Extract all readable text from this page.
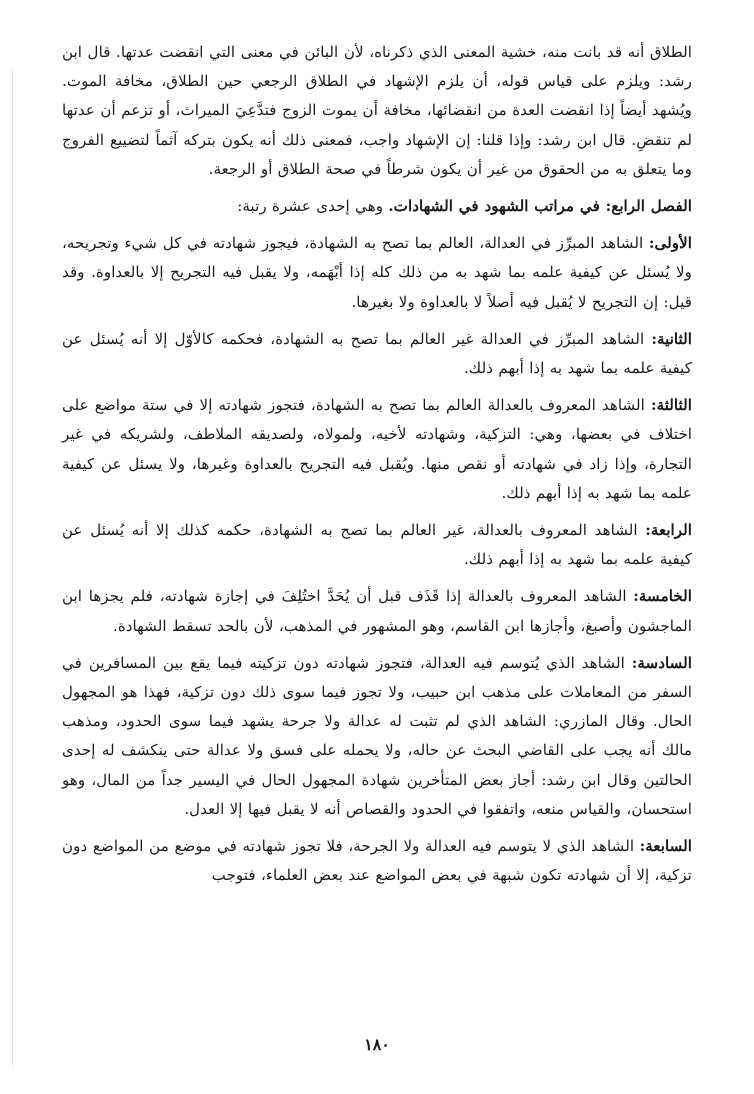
الطلاق أنه قد بانت منه، خشية المعنى الذي ذكرناه، لأن البائن في معنى التي انقضت عدتها. قال ابن رشد: ويلزم على قياس قوله، أن يلزم الإشهاد في الطلاق الرجعي حين الطلاق، مخافة الموت. ويُشهد أيضاً إذا انقضت العدة من انقضائها، مخافة أن يموت الزوج فتدَّعِيَ الميراث، أو تزعم أن عدتها لم تنقضِ. قال ابن رشد: وإذا قلنا: إن الإشهاد واجب، فمعنى ذلك أنه يكون بتركه آثماً لتضييع الفروج وما يتعلق به من الحقوق من غير أن يكون شرطاً في صحة الطلاق أو الرجعة.

الفصل الرابع: في مراتب الشهود في الشهادات. وهي إحدى عشرة رتبة:

الأولى: الشاهد المبرِّز في العدالة، العالم بما تصح به الشهادة، فيجوز شهادته في كل شيء وتجريحه، ولا يُسئل عن كيفية علمه بما شهد به من ذلك كله إذا أبْهَمه، ولا يقبل فيه التجريح إلا بالعداوة. وقد قيل: إن التجريح لا يُقبل فيه أصلاً لا بالعداوة ولا بغيرها.

الثانية: الشاهد المبرِّز في العدالة غير العالم بما تصح به الشهادة، فحكمه كالأوّل إلا أنه يُسئل عن كيفية علمه بما شهد به إذا أبهم ذلك.

الثالثة: الشاهد المعروف بالعدالة العالم بما تصح به الشهادة، فتجوز شهادته إلا في ستة مواضع على اختلاف في بعضها، وهي: التزكية، وشهادته لأخيه، ولمولاه، ولصديقه الملاطف، ولشريكه في غير التجارة، وإذا زاد في شهادته أو نقص منها. ويُقبل فيه التجريح بالعداوة وغيرها، ولا يسئل عن كيفية علمه بما شهد به إذا أبهم ذلك.

الرابعة: الشاهد المعروف بالعدالة، غير العالم بما تصح به الشهادة، حكمه كذلك إلا أنه يُسئل عن كيفية علمه بما شهد به إذا أبهم ذلك.

الخامسة: الشاهد المعروف بالعدالة إذا قَذَف قبل أن يُحَدَّ اختُلِفَ في إجازة شهادته، فلم يجزها ابن الماجشون وأصبغ، وأجازها ابن القاسم، وهو المشهور في المذهب، لأن بالحد تسقط الشهادة.

السادسة: الشاهد الذي يُتوسم فيه العدالة، فتجوز شهادته دون تزكيته فيما يقع بين المسافرين في السفر من المعاملات على مذهب ابن حبيب، ولا تجوز فيما سوى ذلك دون تزكية، فهذا هو المجهول الحال. وقال المازري: الشاهد الذي لم تثبت له عدالة ولا جرحة يشهد فيما سوى الحدود، ومذهب مالك أنه يجب على القاضي البحث عن حاله، ولا يحمله على فسق ولا عدالة حتى ينكشف له إحدى الحالتين وقال ابن رشد: أجاز بعض المتأخرين شهادة المجهول الحال في اليسير جداً من المال، وهو استحسان، والقياس منعه، واتفقوا في الحدود والقصاص أنه لا يقبل فيها إلا العدل.

السابعة: الشاهد الذي لا يتوسم فيه العدالة ولا الجرحة، فلا تجوز شهادته في موضع من المواضع دون تزكية، إلا أن شهادته تكون شبهة في بعض المواضع عند بعض العلماء، فتوجب

١٨٠
